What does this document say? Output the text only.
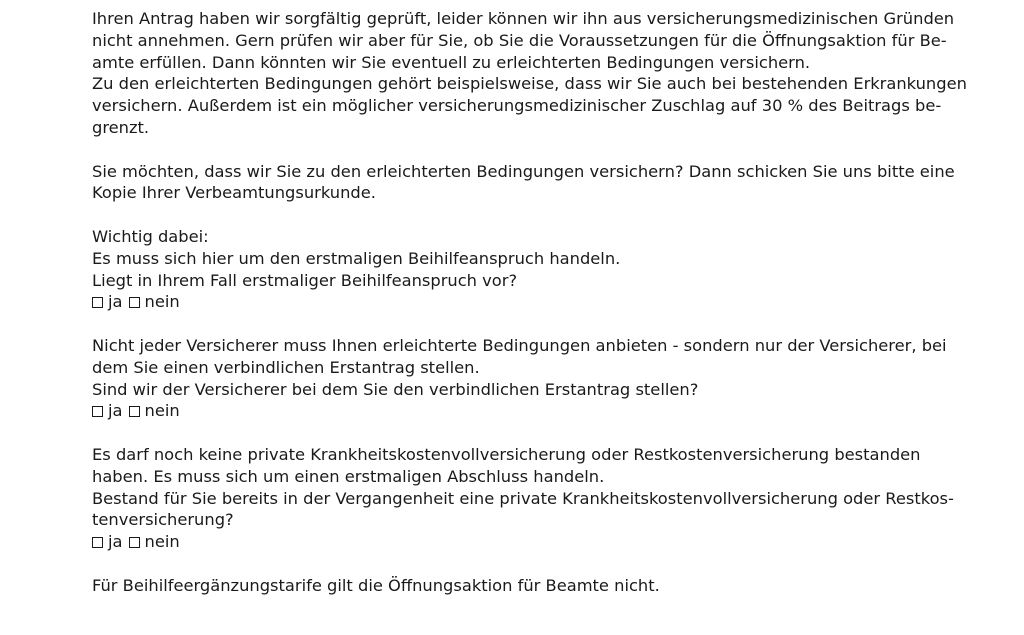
Ihren Antrag haben wir sorgfältig geprüft, leider können wir ihn aus versicherungsmedizinischen Gründen
nicht annehmen. Gern prüfen wir aber für Sie, ob Sie die Voraussetzungen für die Öffnungsaktion für Be-
amte erfüllen. Dann könnten wir Sie eventuell zu erleichterten Bedingungen versichern.
Zu den erleichterten Bedingungen gehört beispielsweise, dass wir Sie auch bei bestehenden Erkrankungen
versichern. Außerdem ist ein möglicher versicherungsmedizinischer Zuschlag auf 30 % des Beitrags be-
grenzt.
Sie möchten, dass wir Sie zu den erleichterten Bedingungen versichern? Dann schicken Sie uns bitte eine
Kopie Ihrer Verbeamtungsurkunde.
Wichtig dabei:
Es muss sich hier um den erstmaligen Beihilfeanspruch handeln.
Liegt in Ihrem Fall erstmaliger Beihilfeanspruch vor?
ja nein
Nicht jeder Versicherer muss Ihnen erleichterte Bedingungen anbieten - sondern nur der Versicherer, bei
dem Sie einen verbindlichen Erstantrag stellen.
Sind wir der Versicherer bei dem Sie den verbindlichen Erstantrag stellen?
ja nein
Es darf noch keine private Krankheitskostenvollversicherung oder Restkostenversicherung bestanden
haben. Es muss sich um einen erstmaligen Abschluss handeln.
Bestand für Sie bereits in der Vergangenheit eine private Krankheitskostenvollversicherung oder Restkos-
tenversicherung?
ja nein
Für Beihilfeergänzungstarife gilt die Öffnungsaktion für Beamte nicht.
